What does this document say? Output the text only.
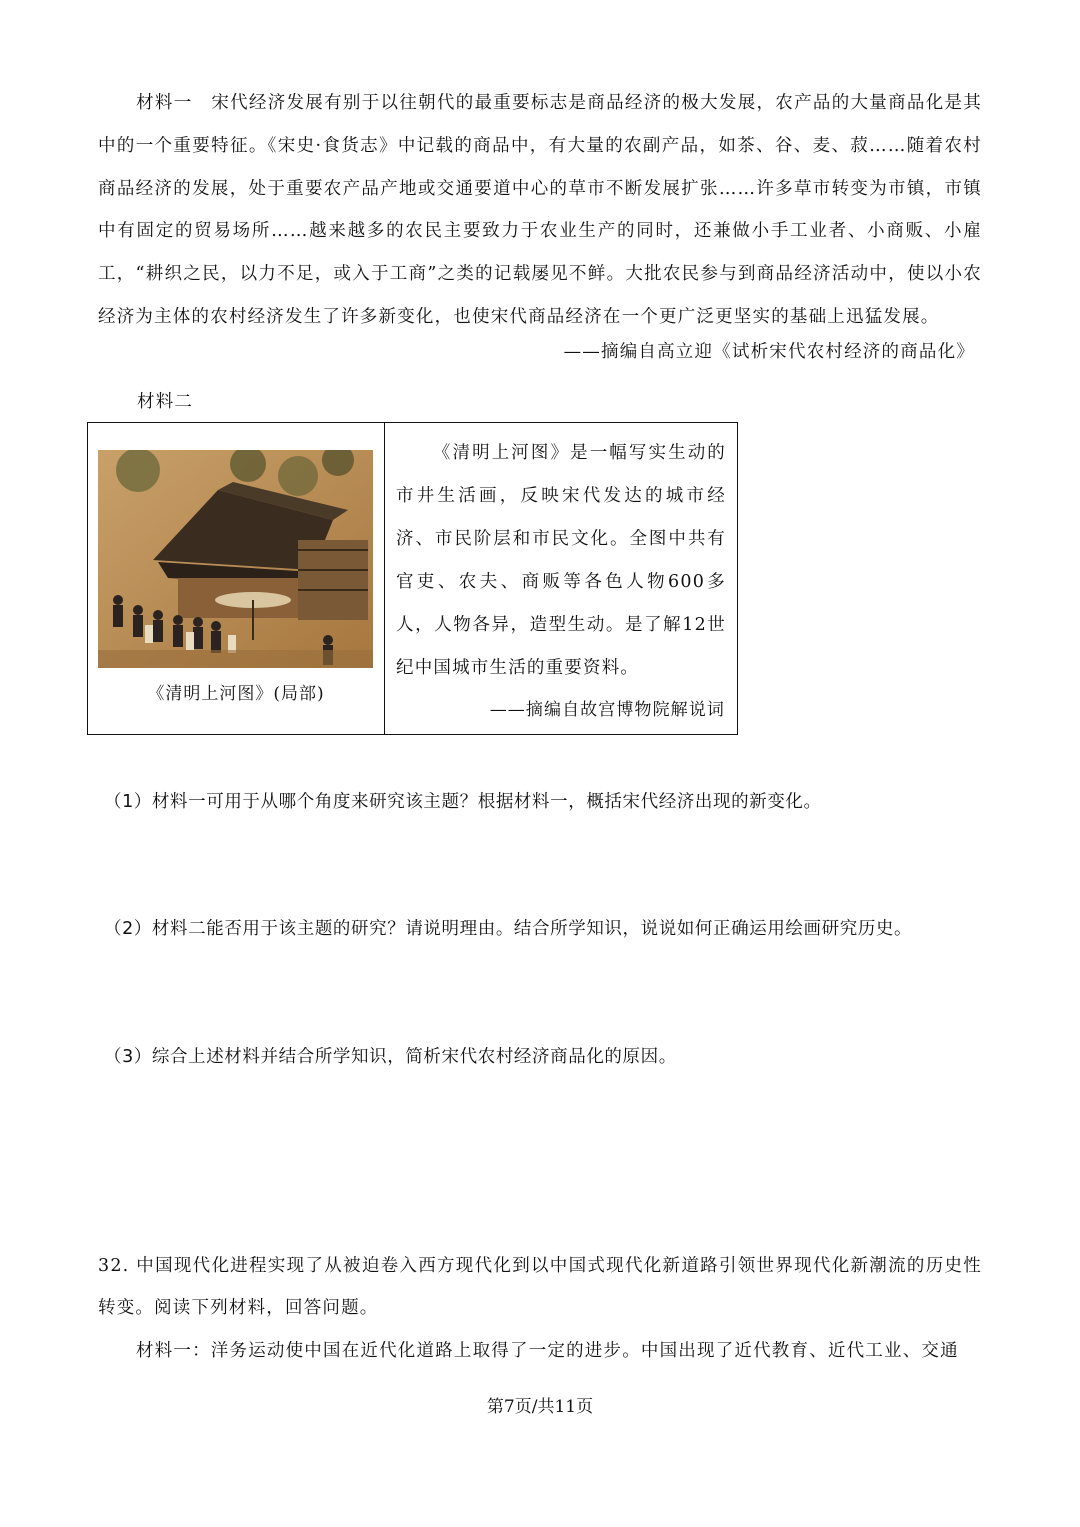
材料一　 宋代经济发展有别于以往朝代的最重要标志是商品经济的极大发展，农产品的大量商品化是其中的一个重要特征。《宋史·食货志》中记载的商品中，有大量的农副产品，如茶、谷、麦、菽……随着农村商品经济的发展，处于重要农产品产地或交通要道中心的草市不断发展扩张……许多草市转变为市镇，市镇中有固定的贸易场所……越来越多的农民主要致力于农业生产的同时，还兼做小手工业者、小商贩、小雇工，“耕织之民，以力不足，或入于工商”之类的记载屡见不鲜。大批农民参与到商品经济活动中，使以小农经济为主体的农村经济发生了许多新变化，也使宋代商品经济在一个更广泛更坚实的基础上迅猛发展。

——摘编自高立迎《试析宋代农村经济的商品化》
材料二
《清明上河图》(局部)
《清明上河图》是一幅写实生动的市井生活画，反映宋代发达的城市经济、市民阶层和市民文化。全图中共有官吏、农夫、商贩等各色人物600多人，人物各异，造型生动。是了解12世纪中国城市生活的重要资料。
——摘编自故宫博物院解说词
（1）材料一可用于从哪个角度来研究该主题？根据材料一，概括宋代经济出现的新变化。
（2）材料二能否用于该主题的研究？请说明理由。结合所学知识，说说如何正确运用绘画研究历史。
（3）综合上述材料并结合所学知识，简析宋代农村经济商品化的原因。

32. 中国现代化进程实现了从被迫卷入西方现代化到以中国式现代化新道路引领世界现代化新潮流的历史性转变。阅读下列材料，回答问题。

材料一：洋务运动使中国在近代化道路上取得了一定的进步。中国出现了近代教育、近代工业、交通

第7页/共11页
